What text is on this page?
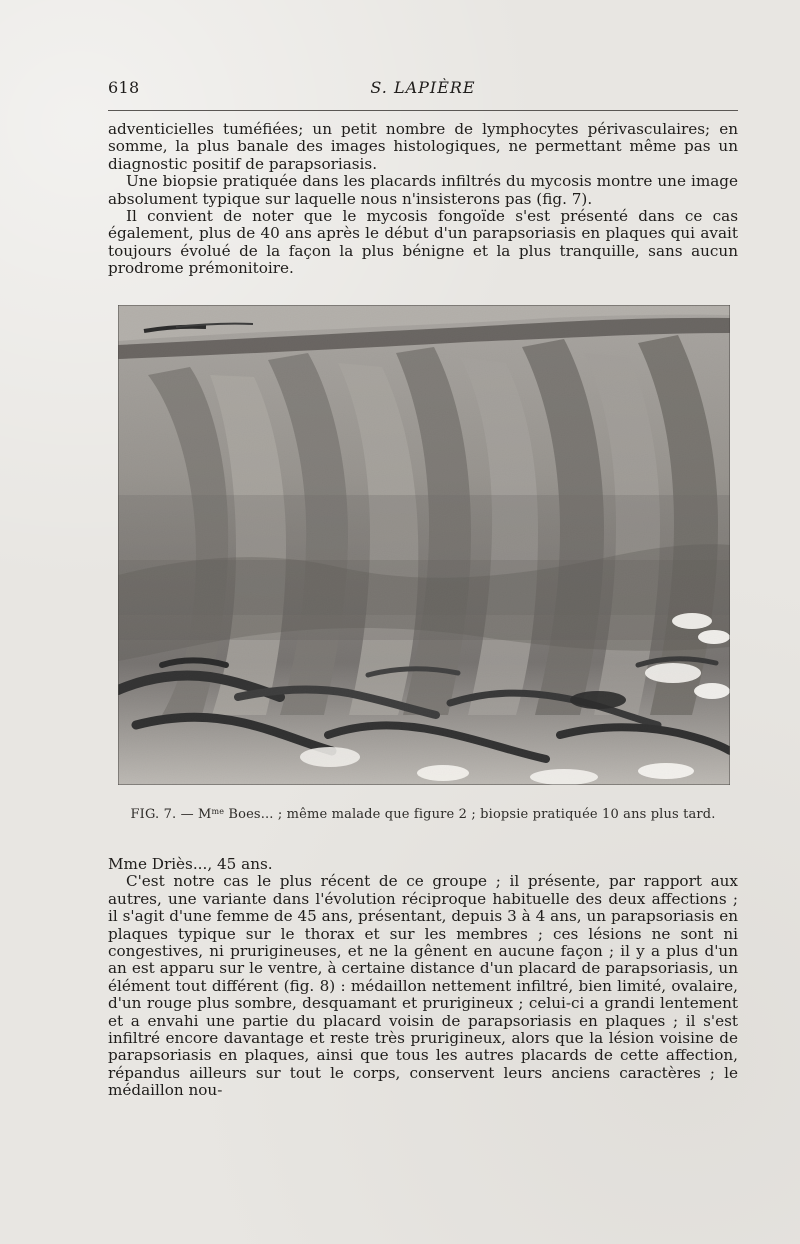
618	S. LAPIÈRE

adventicielles tuméfiées; un petit nombre de lymphocytes périvasculaires; en somme, la plus banale des images histologiques, ne permettant même pas un diagnostic positif de parapsoriasis.

Une biopsie pratiquée dans les placards infiltrés du mycosis montre une image absolument typique sur laquelle nous n'insisterons pas (fig. 7).

Il convient de noter que le mycosis fongoïde s'est présenté dans ce cas également, plus de 40 ans après le début d'un parapsoriasis en plaques qui avait toujours évolué de la façon la plus bénigne et la plus tranquille, sans aucun prodrome prémonitoire.

FIG. 7. — $M^{me}$ Boes... ; même malade que figure 2 ; biopsie pratiquée 10 ans plus tard.

Mme Driès..., 45 ans.

C'est notre cas le plus récent de ce groupe ; il présente, par rapport aux autres, une variante dans l'évolution réciproque habituelle des deux affections ; il s'agit d'une femme de 45 ans, présentant, depuis 3 à 4 ans, un parapsoriasis en plaques typique sur le thorax et sur les membres ; ces lésions ne sont ni congestives, ni prurigineuses, et ne la gênent en aucune façon ; il y a plus d'un an est apparu sur le ventre, à certaine distance d'un placard de parapsoriasis, un élément tout différent (fig. 8) : médaillon nettement infiltré, bien limité, ovalaire, d'un rouge plus sombre, desquamant et prurigineux ; celui-ci a grandi lentement et a envahi une partie du placard voisin de parapsoriasis en plaques ; il s'est infiltré encore davantage et reste très prurigineux, alors que la lésion voisine de parapsoriasis en plaques, ainsi que tous les autres placards de cette affection, répandus ailleurs sur tout le corps, conservent leurs anciens caractères ; le médaillon nou-
